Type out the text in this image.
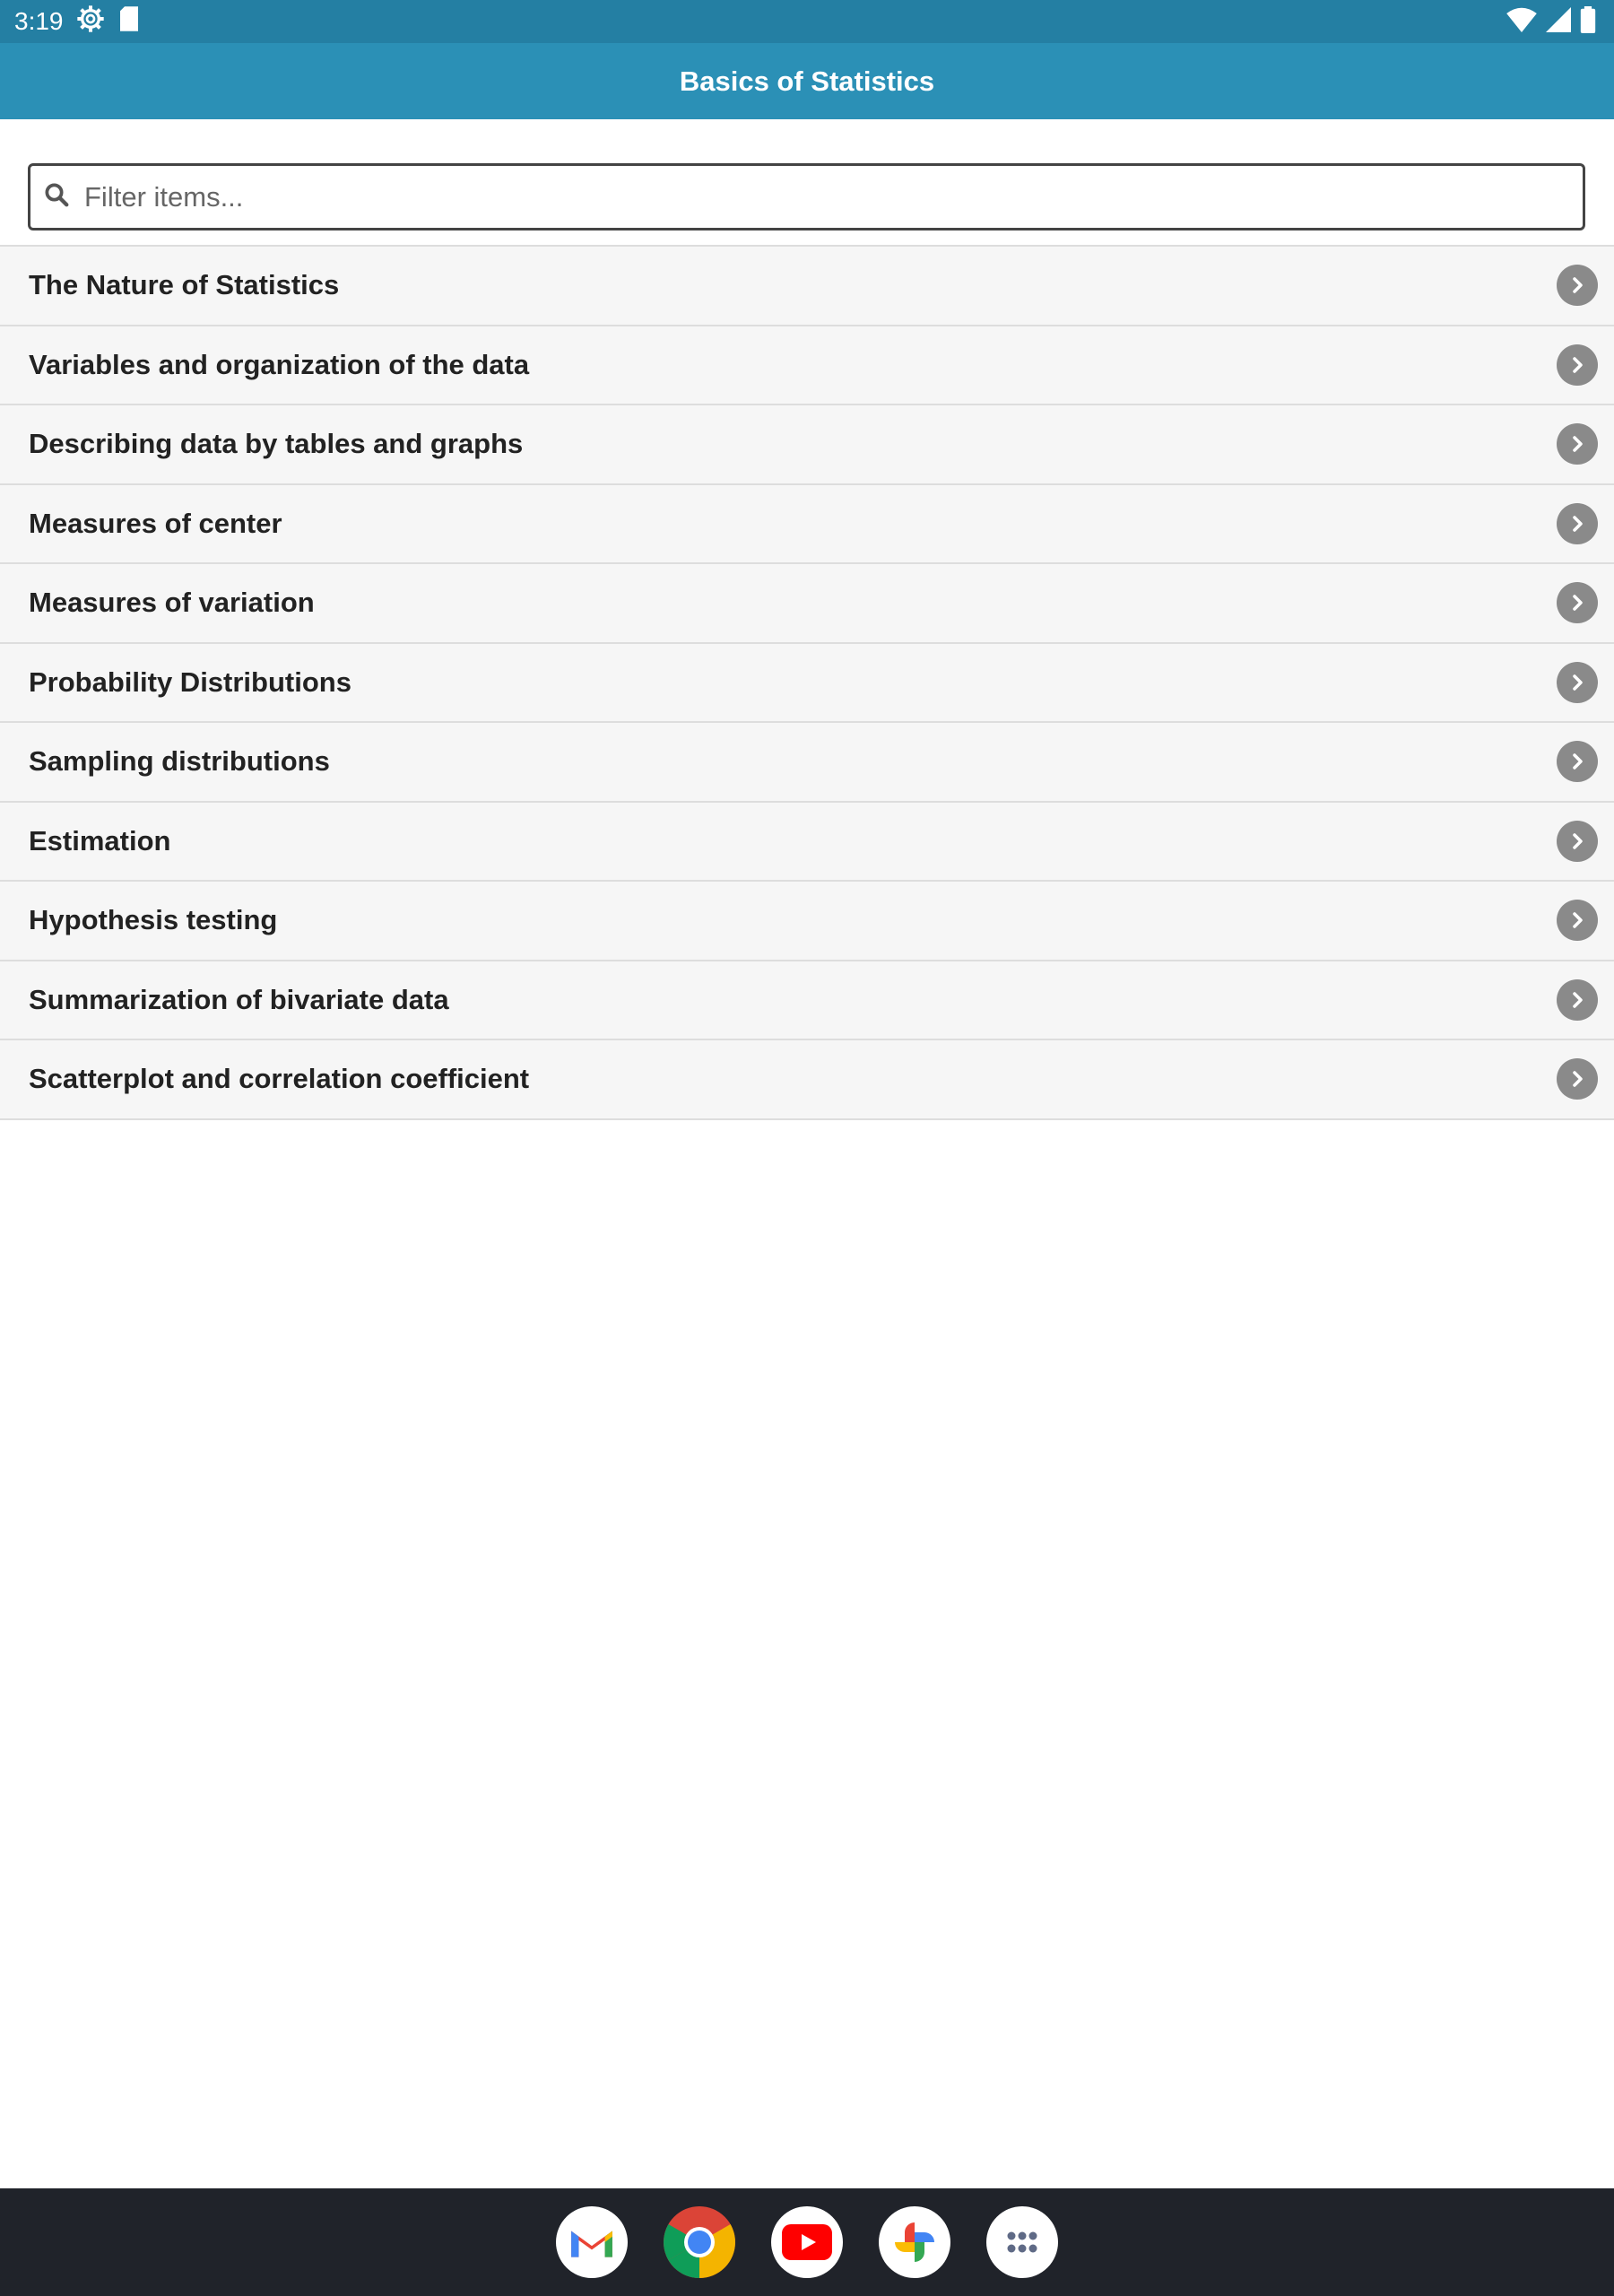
3:19
Basics of Statistics
Filter items...
The Nature of Statistics
Variables and organization of the data
Describing data by tables and graphs
Measures of center
Measures of variation
Probability Distributions
Sampling distributions
Estimation
Hypothesis testing
Summarization of bivariate data
Scatterplot and correlation coefficient
